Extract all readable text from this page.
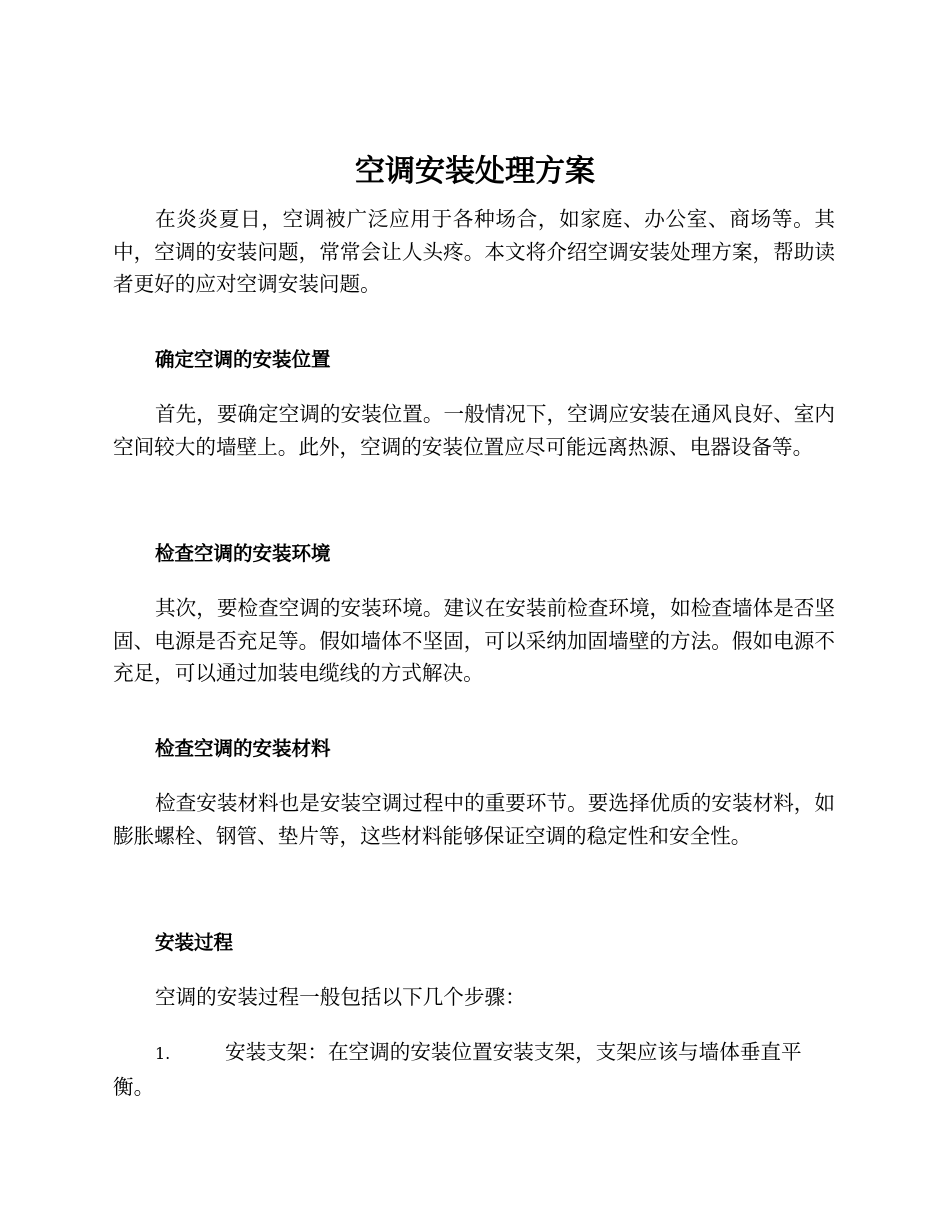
空调安装处理方案

在炎炎夏日，空调被广泛应用于各种场合，如家庭、办公室、商场等。其中，空调的安装问题，常常会让人头疼。本文将介绍空调安装处理方案，帮助读者更好的应对空调安装问题。

确定空调的安装位置

首先，要确定空调的安装位置。一般情况下，空调应安装在通风良好、室内空间较大的墙壁上。此外，空调的安装位置应尽可能远离热源、电器设备等。

检查空调的安装环境

其次，要检查空调的安装环境。建议在安装前检查环境，如检查墙体是否坚固、电源是否充足等。假如墙体不坚固，可以采纳加固墙壁的方法。假如电源不充足，可以通过加装电缆线的方式解决。

检查空调的安装材料

检查安装材料也是安装空调过程中的重要环节。要选择优质的安装材料，如膨胀螺栓、钢管、垫片等，这些材料能够保证空调的稳定性和安全性。

安装过程

空调的安装过程一般包括以下几个步骤：

1.	安装支架：在空调的安装位置安装支架，支架应该与墙体垂直平衡。
